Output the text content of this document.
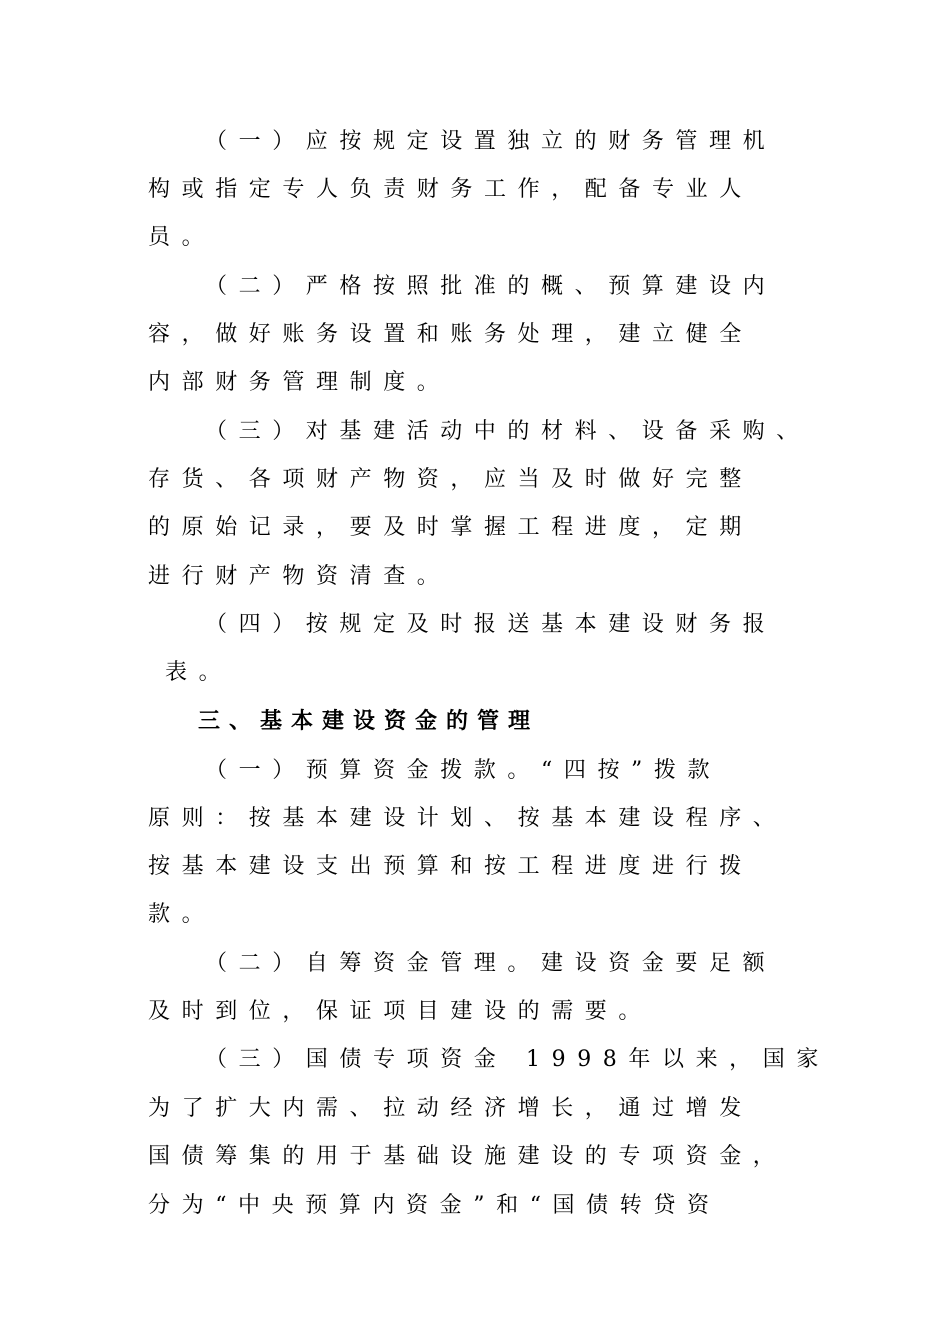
（一）应按规定设置独立的财务管理机
构或指定专人负责财务工作，配备专业人
员。
（二）严格按照批准的概、预算建设内
容，做好账务设置和账务处理，建立健全
内部财务管理制度。
（三）对基建活动中的材料、设备采购、
存货、各项财产物资，应当及时做好完整
的原始记录，要及时掌握工程进度，定期
进行财产物资清查。
（四）按规定及时报送基本建设财务报
表。
三、基本建设资金的管理
（一）预算资金拨款。“四按”拨款
原则：按基本建设计划、按基本建设程序、
按基本建设支出预算和按工程进度进行拨
款。
（二）自筹资金管理。建设资金要足额
及时到位，保证项目建设的需要。
（三）国债专项资金 1998年以来，国家
为了扩大内需、拉动经济增长，通过增发
国债筹集的用于基础设施建设的专项资金，
分为“中央预算内资金”和“国债转贷资
